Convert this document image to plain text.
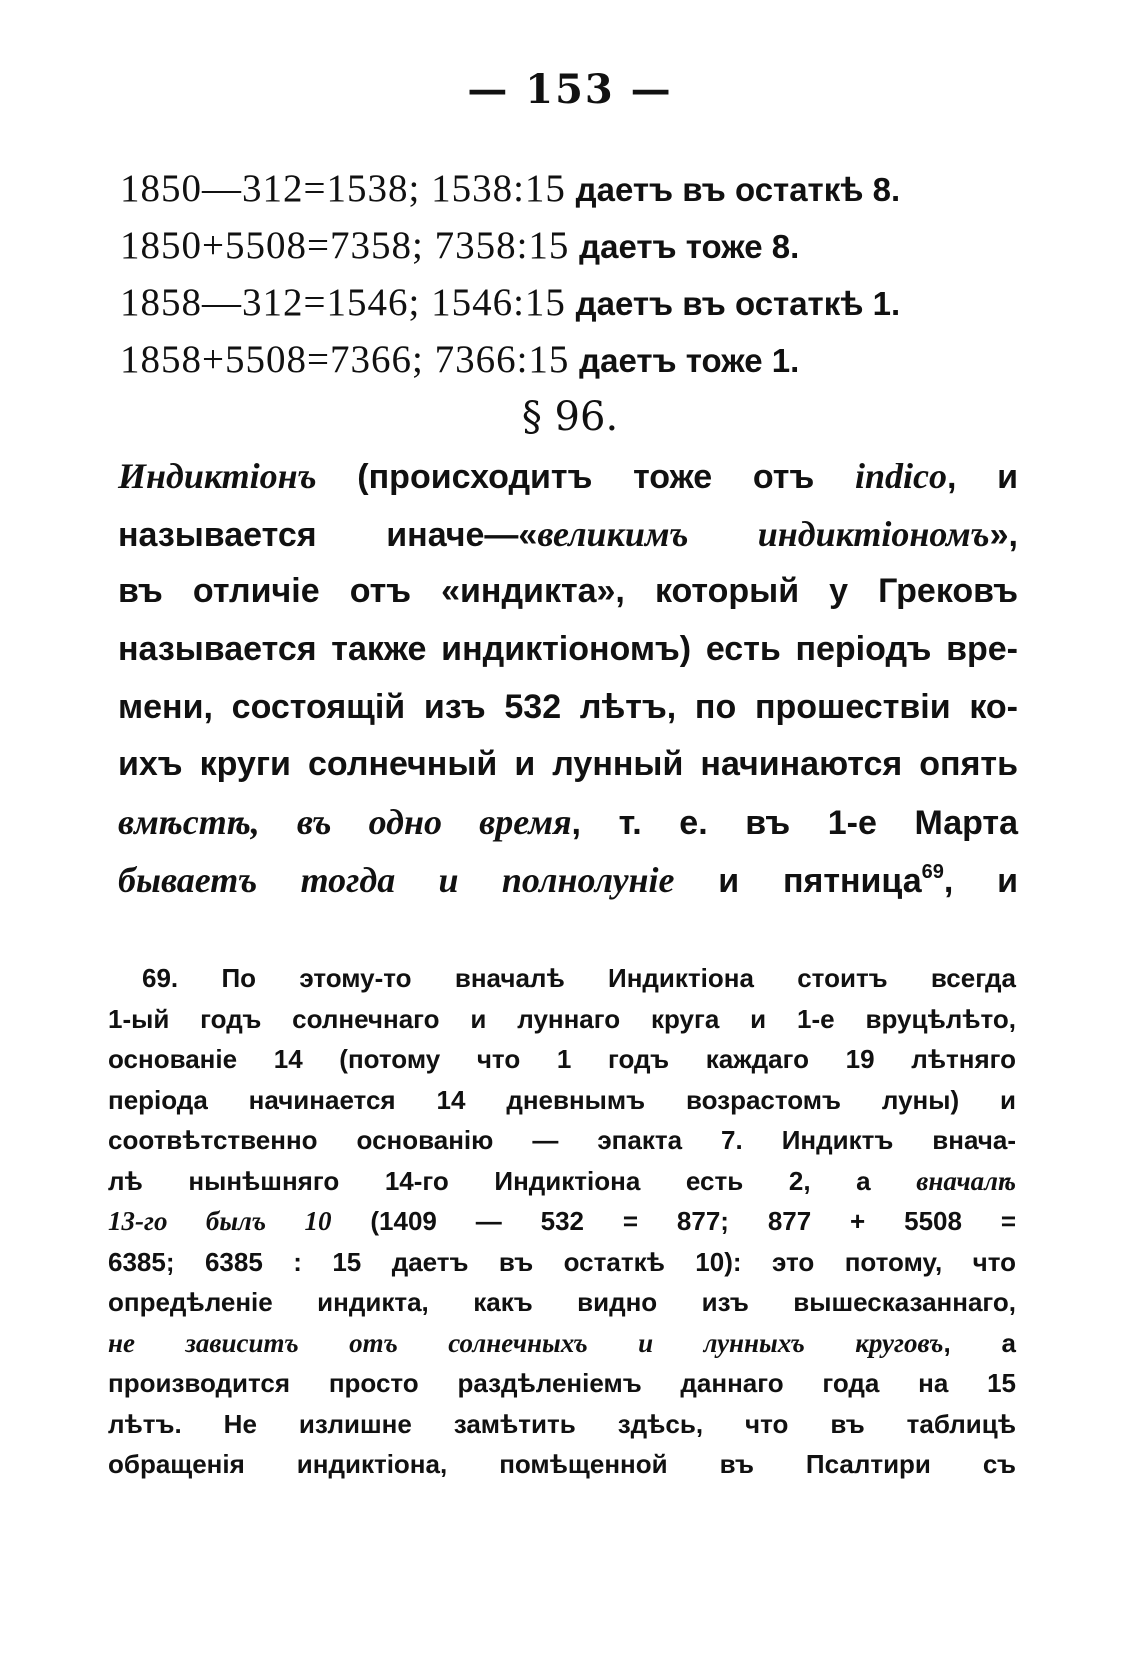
— 153 —
1850—312=1538; 1538:15 даетъ въ остаткѣ 8.
1850+5508=7358; 7358:15 даетъ тоже 8.
1858—312=1546; 1546:15 даетъ въ остаткѣ 1.
1858+5508=7366; 7366:15 даетъ тоже 1.
§ 96.
Индиктіонъ (происходитъ тоже отъ indico, и
называется иначе—«великимъ индиктіономъ»,
въ отличіе отъ «индикта», который у Грековъ
называется также индиктіономъ) есть періодъ вре-
мени, состоящій изъ 532 лѣтъ, по прошествіи ко-
ихъ круги солнечный и лунный начинаются опять
вмѣстѣ, въ одно время, т. е. въ 1-е Марта
бываетъ тогда и полнолуніе и пятница$^{69}$, и
69. По этому-то вначалѣ Индиктіона стоитъ всегда
1-ый годъ солнечнаго и луннаго круга и 1-е вруцѣлѣто,
основаніе 14 (потому что 1 годъ каждаго 19 лѣтняго
періода начинается 14 дневнымъ возрастомъ луны) и
соотвѣтственно основанію — эпакта 7. Индиктъ внача-
лѣ нынѣшняго 14-го Индиктіона есть 2, а вначалѣ
13-го былъ 10 (1409 — 532 = 877; 877 + 5508 =
6385; 6385 : 15 даетъ въ остаткѣ 10): это потому, что
опредѣленіе индикта, какъ видно изъ вышесказаннаго,
не зависитъ отъ солнечныхъ и лунныхъ круговъ, а
производится просто раздѣленіемъ даннаго года на 15
лѣтъ. Не излишне замѣтить здѣсь, что въ таблицѣ
обращенія индиктіона, помѣщенной въ Псалтири съ
